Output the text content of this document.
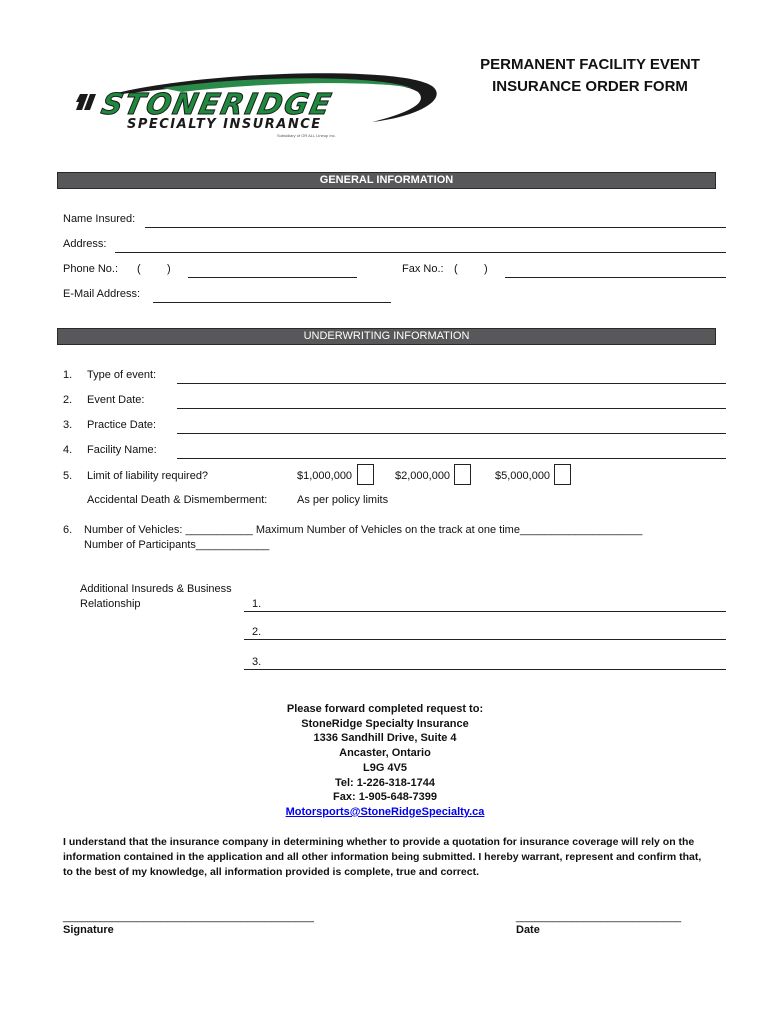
STONERIDGE
SPECIALTY INSURANCE
Subsidiary of OR ALL Lineup Inc.
PERMANENT FACILITY EVENT
INSURANCE ORDER FORM
GENERAL INFORMATION
Name Insured:
Address:
Phone No.: ( )	Fax No.: ( )
E-Mail Address:
UNDERWRITING INFORMATION
1. Type of event:
2. Event Date:
3. Practice Date:
4. Facility Name:
5. Limit of liability required?	$1,000,000	$2,000,000	$5,000,000
Accidental Death & Dismemberment:	As per policy limits
6. Number of Vehicles: ___________ Maximum Number of Vehicles on the track at one time____________________
Number of Participants____________
Additional Insureds & Business
Relationship	1.
2.
3.
Please forward completed request to:
StoneRidge Specialty Insurance
1336 Sandhill Drive, Suite 4
Ancaster, Ontario
L9G 4V5
Tel: 1-226-318-1744
Fax: 1-905-648-7399
Motorsports@StoneRidgeSpecialty.ca
I understand that the insurance company in determining whether to provide a quotation for insurance coverage will rely on the information contained in the application and all other information being submitted. I hereby warrant, represent and confirm that, to the best of my knowledge, all information provided is complete, true and correct.
_________________________________________
Signature
___________________________
Date
